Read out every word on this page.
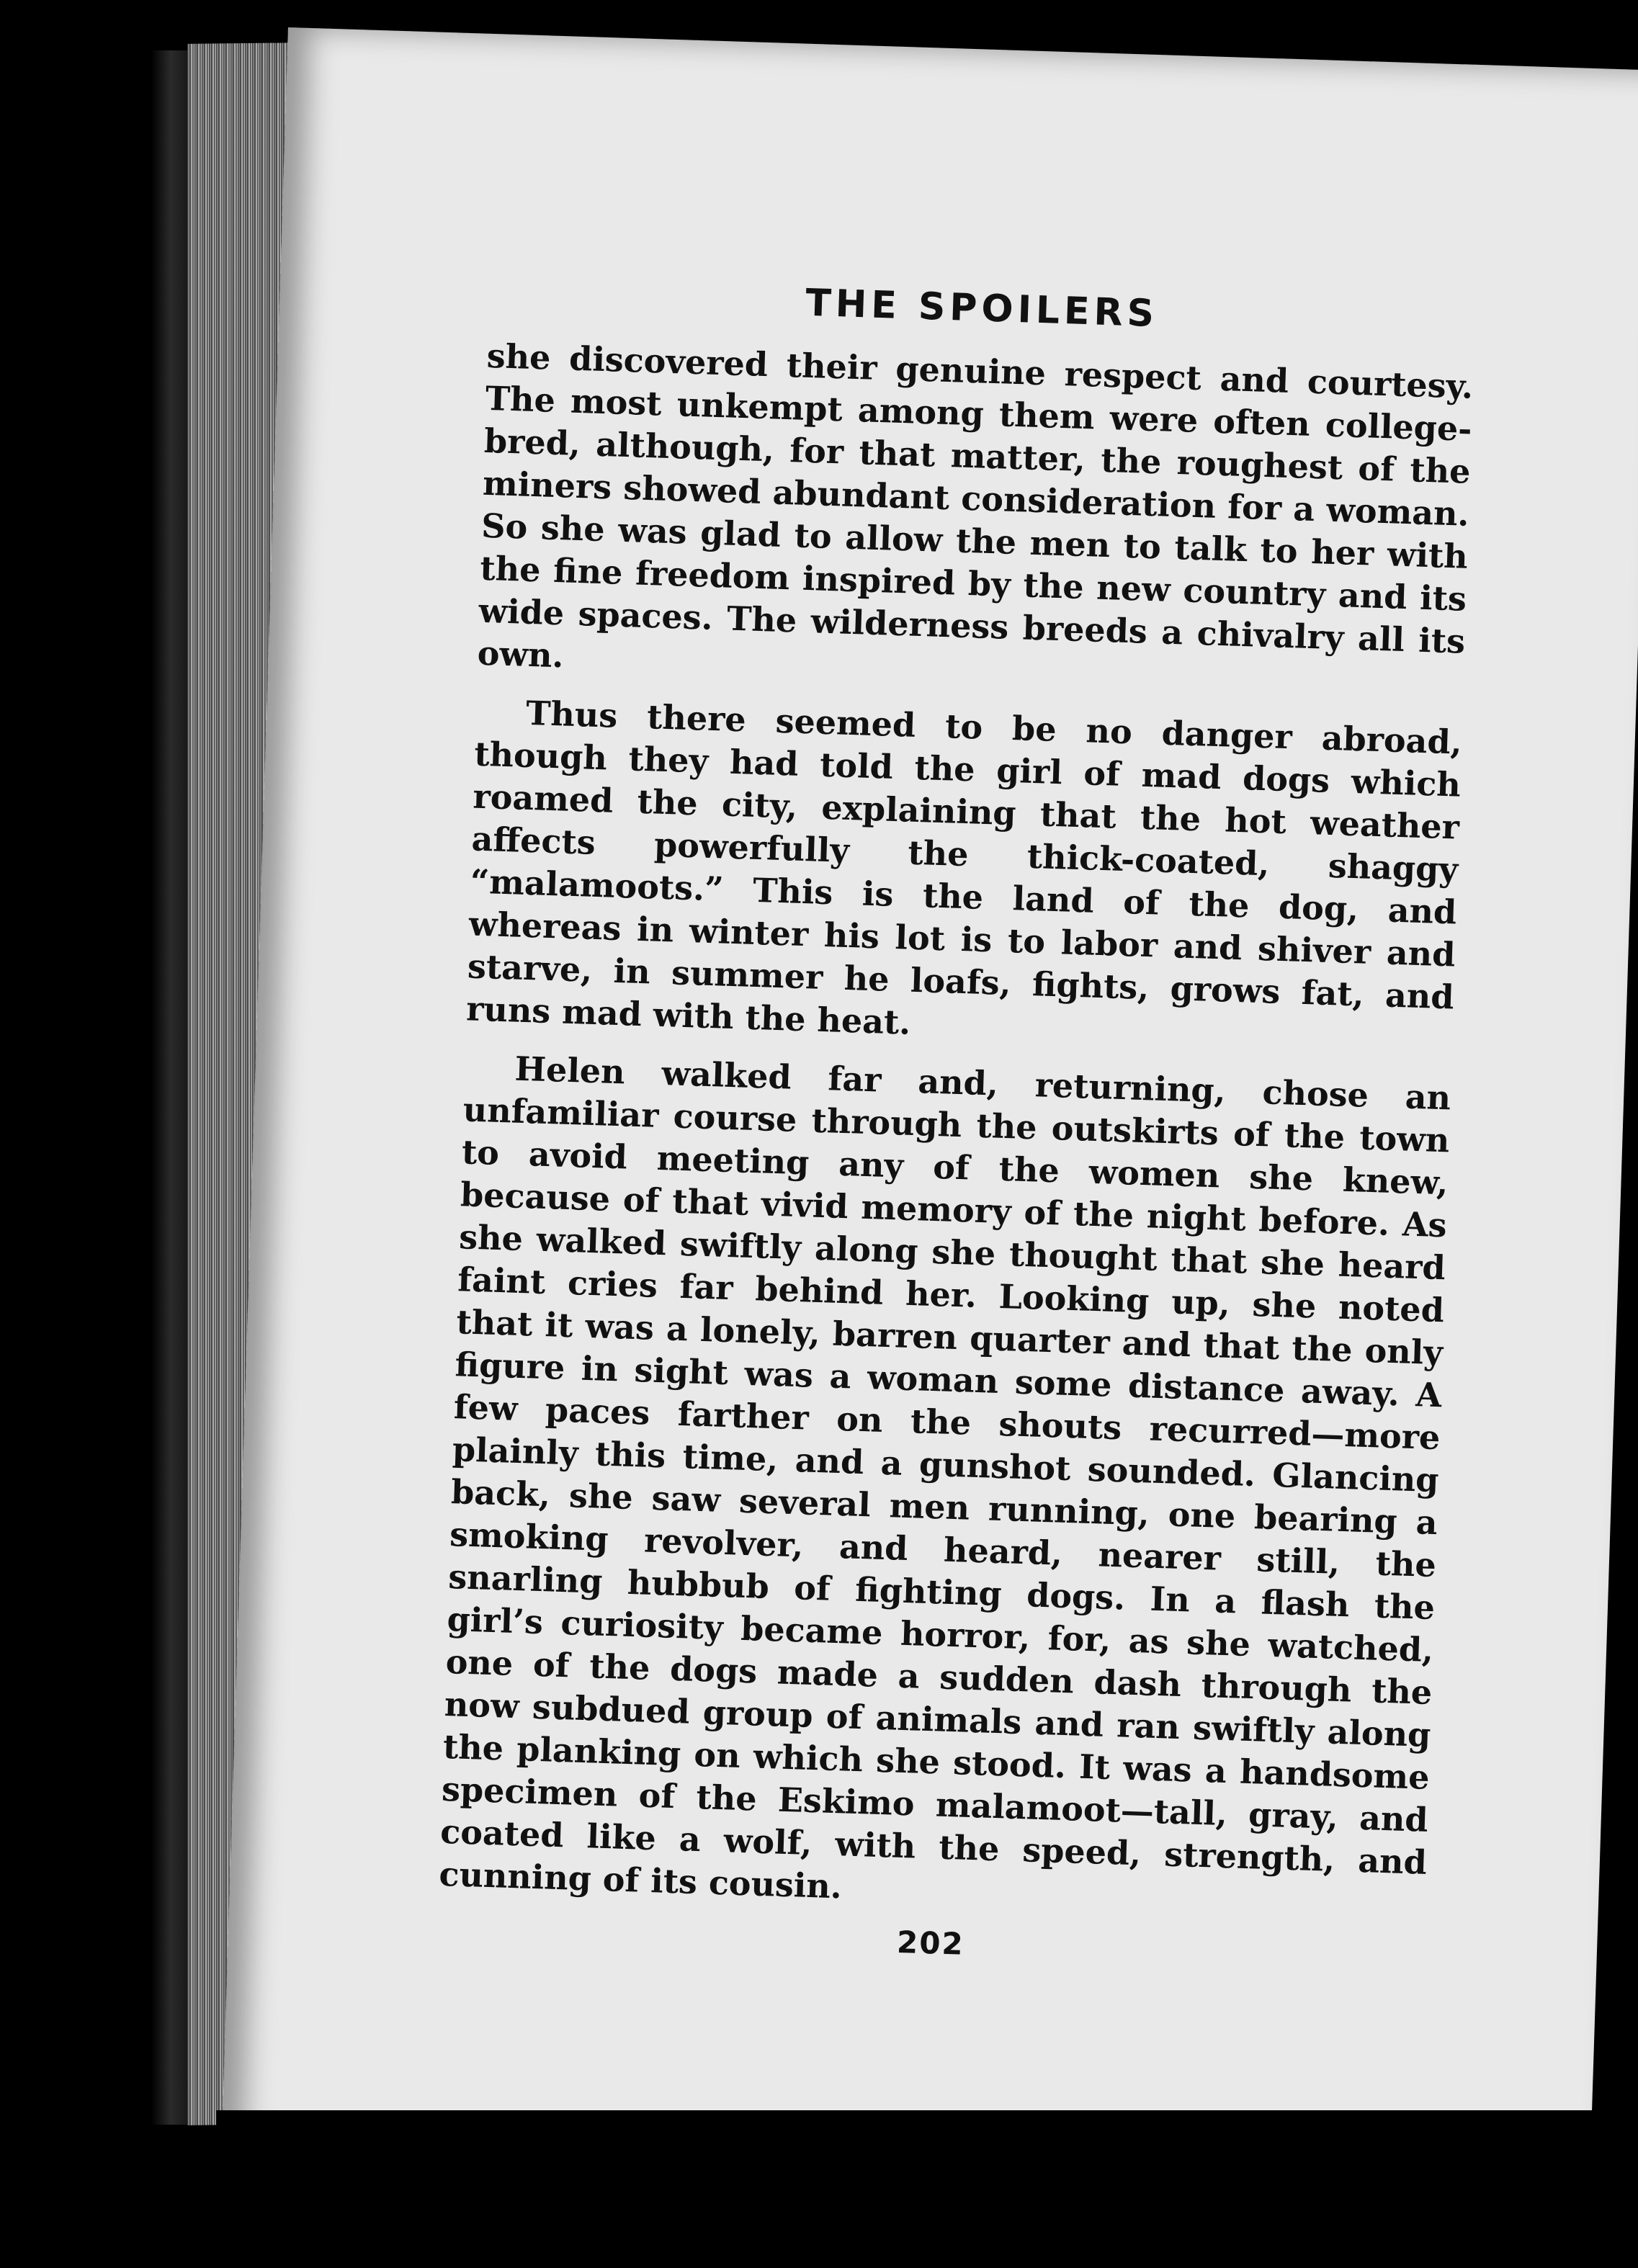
THE SPOILERS

she discovered their genuine respect and courtesy. The most unkempt among them were often college-bred, although, for that matter, the roughest of the miners showed abundant consideration for a woman. So she was glad to allow the men to talk to her with the fine freedom inspired by the new country and its wide spaces. The wilderness breeds a chivalry all its own.

Thus there seemed to be no danger abroad, though they had told the girl of mad dogs which roamed the city, explaining that the hot weather affects powerfully the thick-coated, shaggy “malamoots.” This is the land of the dog, and whereas in winter his lot is to labor and shiver and starve, in summer he loafs, fights, grows fat, and runs mad with the heat.

Helen walked far and, returning, chose an unfamiliar course through the outskirts of the town to avoid meeting any of the women she knew, because of that vivid memory of the night before. As she walked swiftly along she thought that she heard faint cries far behind her. Looking up, she noted that it was a lonely, barren quarter and that the only figure in sight was a woman some distance away. A few paces farther on the shouts recurred—more plainly this time, and a gunshot sounded. Glancing back, she saw several men running, one bearing a smoking revolver, and heard, nearer still, the snarling hubbub of fighting dogs. In a flash the girl’s curiosity became horror, for, as she watched, one of the dogs made a sudden dash through the now subdued group of animals and ran swiftly along the planking on which she stood. It was a handsome specimen of the Eskimo malamoot—tall, gray, and coated like a wolf, with the speed, strength, and cunning of its cousin.

202
